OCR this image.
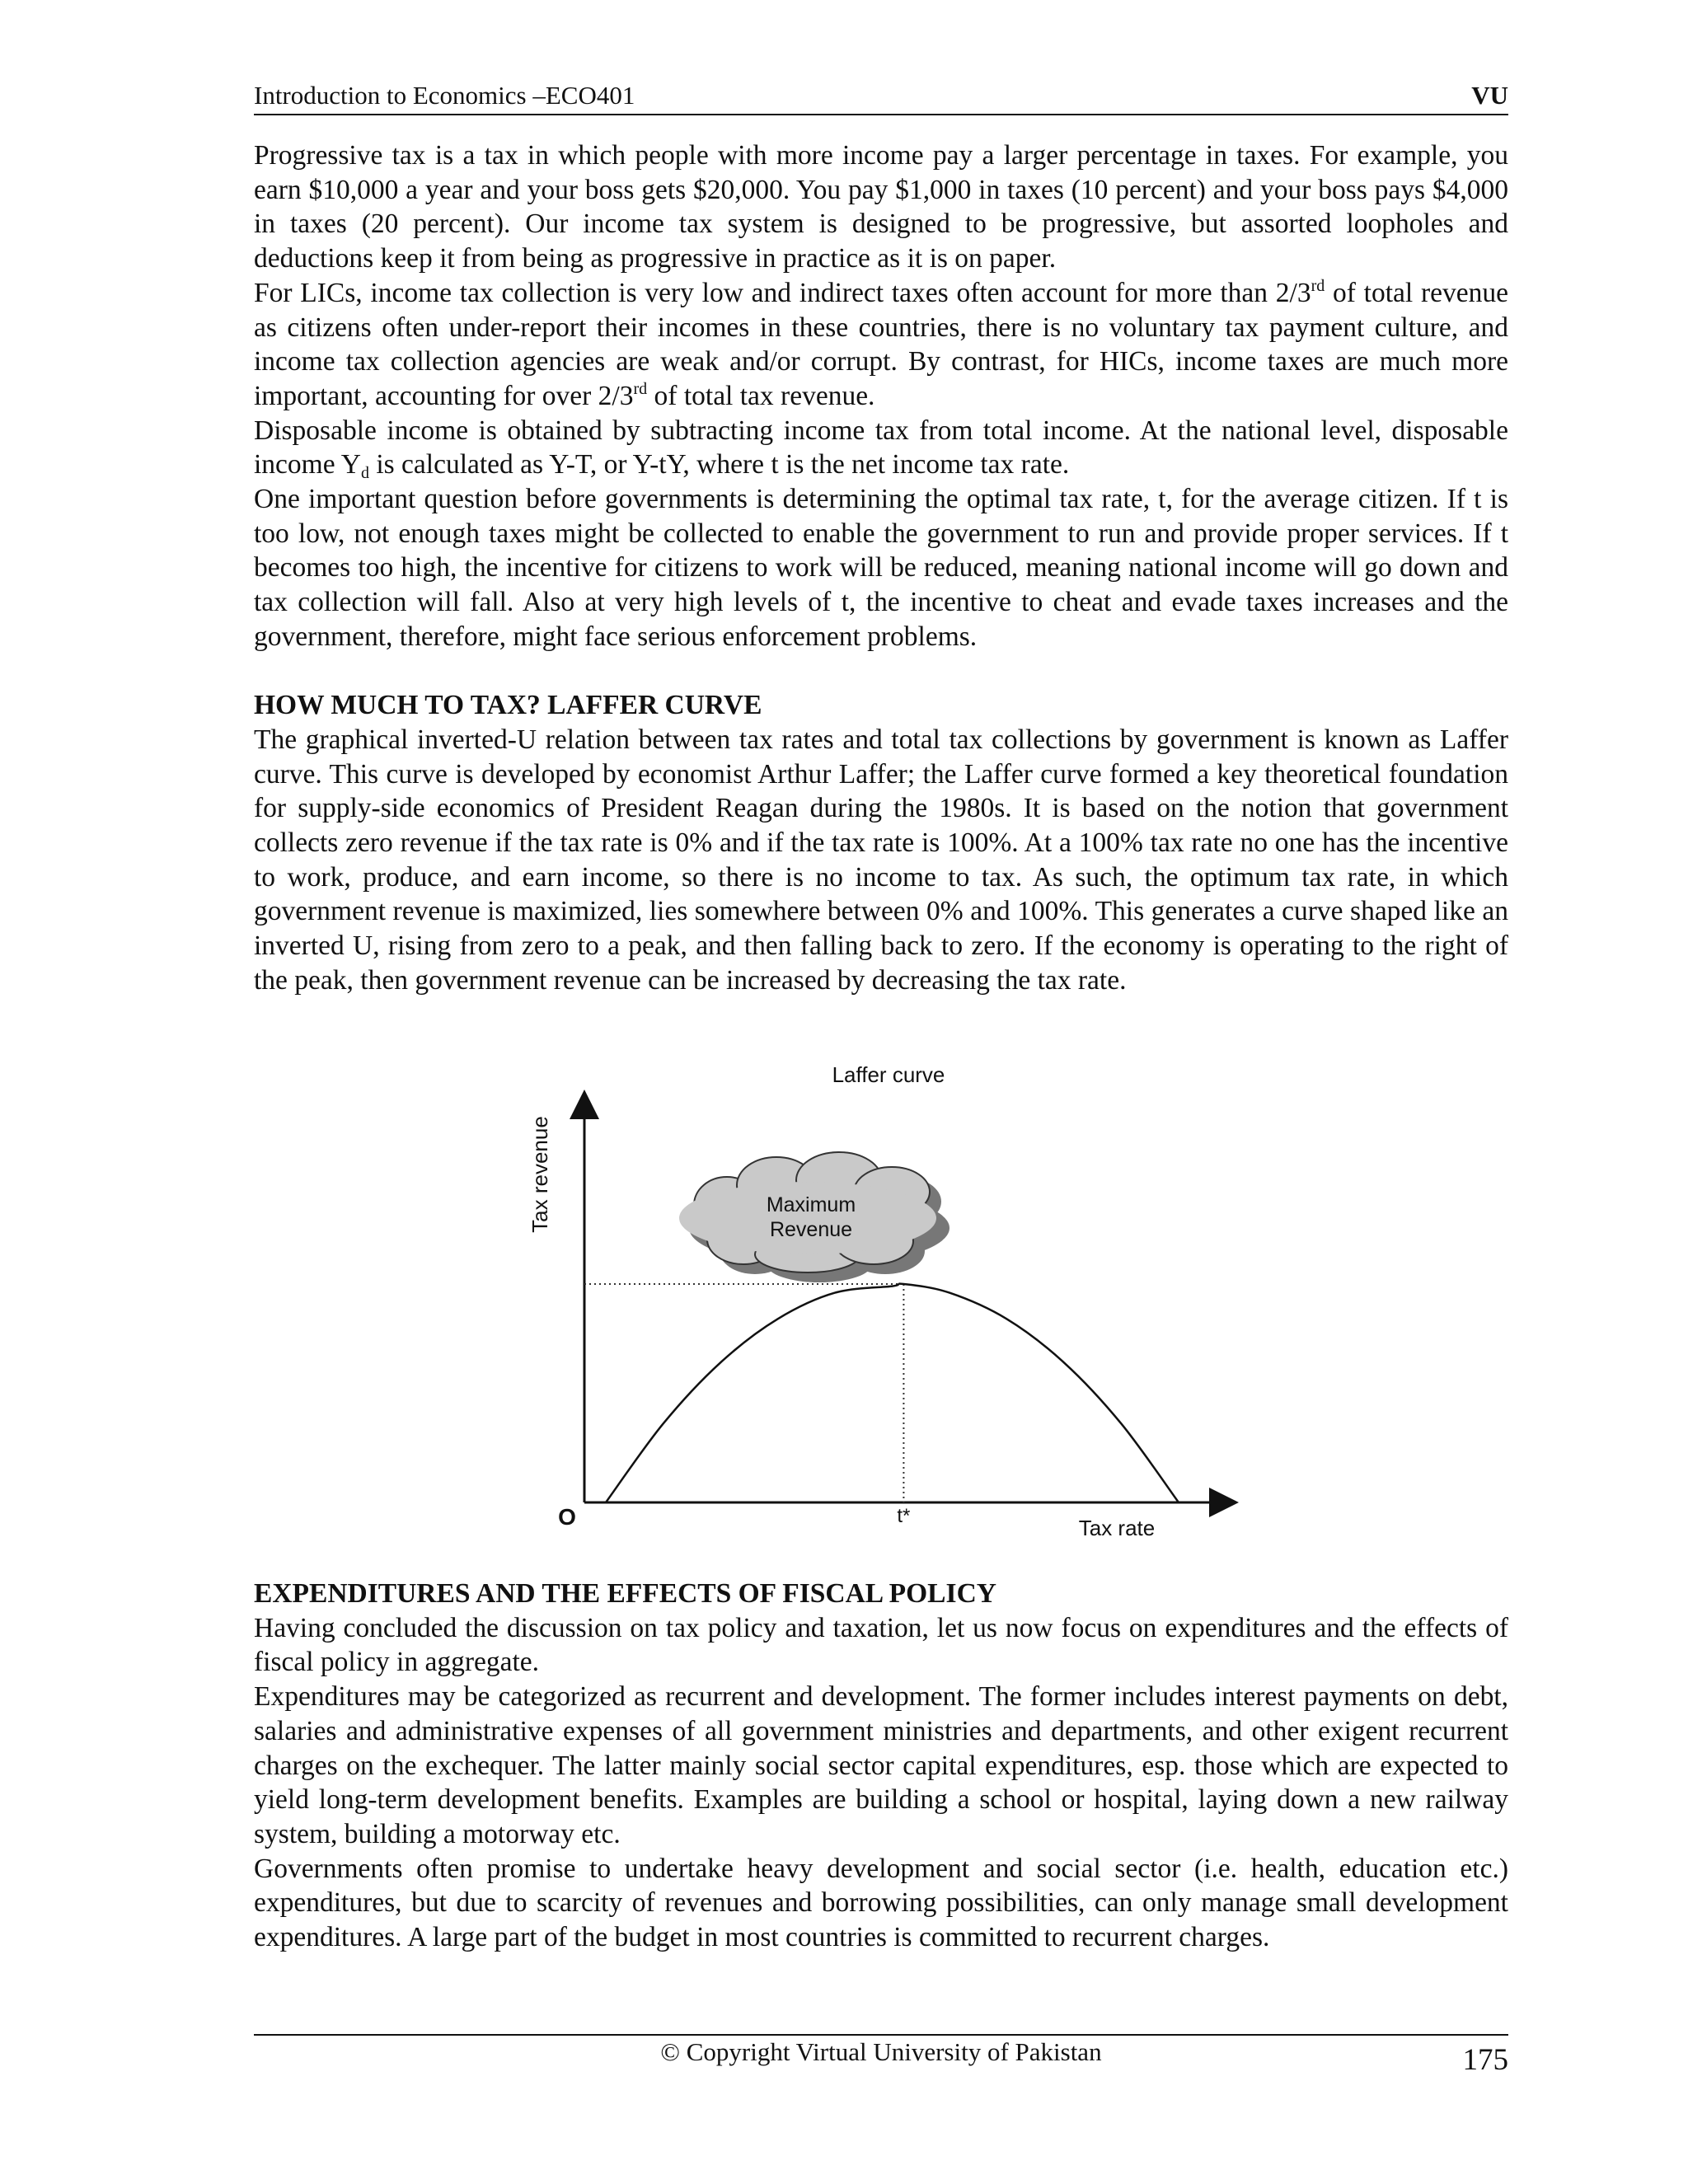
Introduction to Economics –ECO401	VU

Progressive tax is a tax in which people with more income pay a larger percentage in taxes. For example, you earn $10,000 a year and your boss gets $20,000. You pay $1,000 in taxes (10 percent) and your boss pays $4,000 in taxes (20 percent). Our income tax system is designed to be progressive, but assorted loopholes and deductions keep it from being as progressive in practice as it is on paper.

For LICs, income tax collection is very low and indirect taxes often account for more than 2/3rd of total revenue as citizens often under-report their incomes in these countries, there is no voluntary tax payment culture, and income tax collection agencies are weak and/or corrupt. By contrast, for HICs, income taxes are much more important, accounting for over 2/3rd of total tax revenue.

Disposable income is obtained by subtracting income tax from total income. At the national level, disposable income $Y_d$ is calculated as Y-T, or Y-tY, where t is the net income tax rate.

One important question before governments is determining the optimal tax rate, t, for the average citizen. If t is too low, not enough taxes might be collected to enable the government to run and provide proper services. If t becomes too high, the incentive for citizens to work will be reduced, meaning national income will go down and tax collection will fall. Also at very high levels of t, the incentive to cheat and evade taxes increases and the government, therefore, might face serious enforcement problems.

HOW MUCH TO TAX? LAFFER CURVE

The graphical inverted-U relation between tax rates and total tax collections by government is known as Laffer curve. This curve is developed by economist Arthur Laffer; the Laffer curve formed a key theoretical foundation for supply-side economics of President Reagan during the 1980s. It is based on the notion that government collects zero revenue if the tax rate is 0% and if the tax rate is 100%. At a 100% tax rate no one has the incentive to work, produce, and earn income, so there is no income to tax. As such, the optimum tax rate, in which government revenue is maximized, lies somewhere between 0% and 100%. This generates a curve shaped like an inverted U, rising from zero to a peak, and then falling back to zero. If the economy is operating to the right of the peak, then government revenue can be increased by decreasing the tax rate.

Laffer curve
Tax revenue	Maximum
Revenue
O	t*	Tax rate
EXPENDITURES AND THE EFFECTS OF FISCAL POLICY

Having concluded the discussion on tax policy and taxation, let us now focus on expenditures and the effects of fiscal policy in aggregate.

Expenditures may be categorized as recurrent and development. The former includes interest payments on debt, salaries and administrative expenses of all government ministries and departments, and other exigent recurrent charges on the exchequer. The latter mainly social sector capital expenditures, esp. those which are expected to yield long-term development benefits. Examples are building a school or hospital, laying down a new railway system, building a motorway etc.

Governments often promise to undertake heavy development and social sector (i.e. health, education etc.) expenditures, but due to scarcity of revenues and borrowing possibilities, can only manage small development expenditures. A large part of the budget in most countries is committed to recurrent charges.

© Copyright Virtual University of Pakistan	175
